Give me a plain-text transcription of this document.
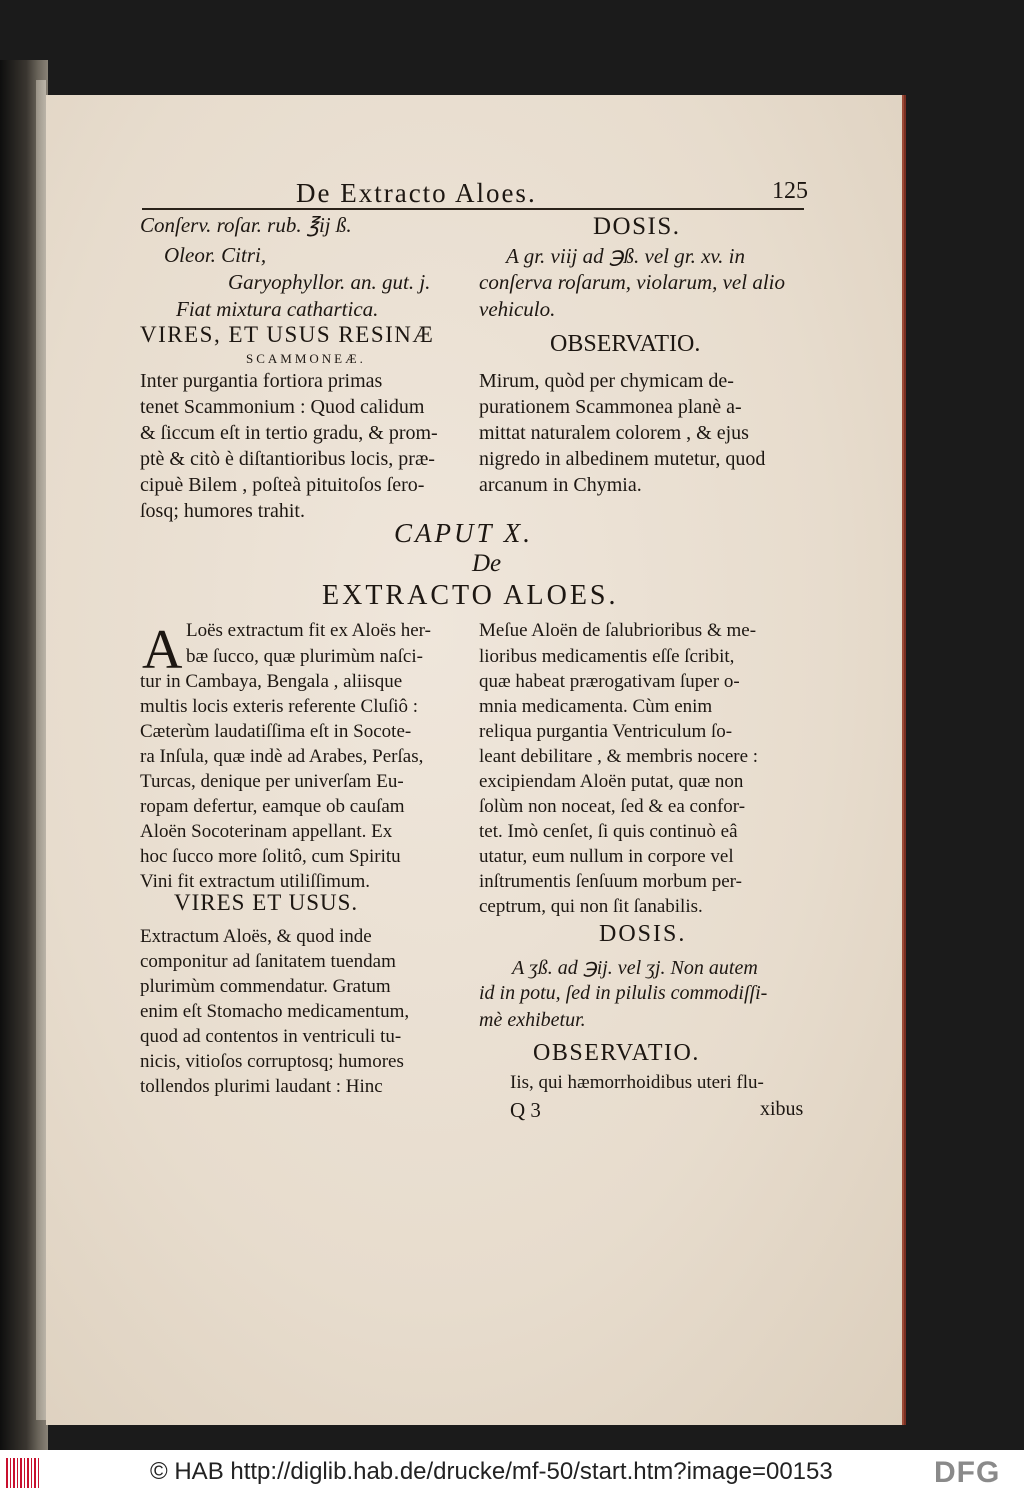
De Extracto Aloes.	125
Conſerv. roſar. rub. ℥ij ß.
Oleor. Citri,
Garyophyllor. an. gut. j.
Fiat mixtura cathartica.
VIRES, ET USUS RESINÆ
SCAMMONEÆ.
Inter purgantia fortiora primas
tenet Scammonium : Quod calidum
& ſiccum eſt in tertio gradu, & prom-
ptè & citò è diſtantioribus locis, præ-
cipuè Bilem , poſteà pituitoſos ſero-
ſosq; humores trahit.
DOSIS.
A gr. viij ad ℈ß. vel gr. xv. in
conſerva roſarum, violarum, vel alio
vehiculo.
OBSERVATIO.
Mirum, quòd per chymicam de-
purationem Scammonea planè a-
mittat naturalem colorem , & ejus
nigredo in albedinem mutetur, quod
arcanum in Chymia.
CAPUT X.
De
EXTRACTO ALOES.
A Loës extractum fit ex Aloës her-
bæ ſucco, quæ plurimùm naſci-
tur in Cambaya, Bengala , aliisque
multis locis exteris referente Cluſiô :
Cæterùm laudatiſſima eſt in Socote-
ra Inſula, quæ indè ad Arabes, Perſas,
Turcas, denique per univerſam Eu-
ropam defertur, eamque ob cauſam
Aloën Socoterinam appellant. Ex
hoc ſucco more ſolitô, cum Spiritu
Vini fit extractum utiliſſimum.
VIRES ET USUS.
Extractum Aloës, & quod inde
componitur ad ſanitatem tuendam
plurimùm commendatur. Gratum
enim eſt Stomacho medicamentum,
quod ad contentos in ventriculi tu-
nicis, vitioſos corruptosq; humores
tollendos plurimi laudant : Hinc
Q 3
Meſue Aloën de ſalubrioribus & me-
lioribus medicamentis eſſe ſcribit,
quæ habeat prærogativam ſuper o-
mnia medicamenta. Cùm enim
reliqua purgantia Ventriculum ſo-
leant debilitare , & membris nocere :
excipiendam Aloën putat, quæ non
ſolùm non noceat, ſed & ea confor-
tet. Imò cenſet, ſi quis continuò eâ
utatur, eum nullum in corpore vel
inſtrumentis ſenſuum morbum per-
ceptrum, qui non ſit ſanabilis.
DOSIS.
A ʒß. ad ℈ij. vel ʒj. Non autem
id in potu, ſed in pilulis commodiſſi-
mè exhibetur.
OBSERVATIO.
Iis, qui hæmorrhoidibus uteri flu-
xibus
© HAB http://diglib.hab.de/drucke/mf-50/start.htm?image=00153	DFG
